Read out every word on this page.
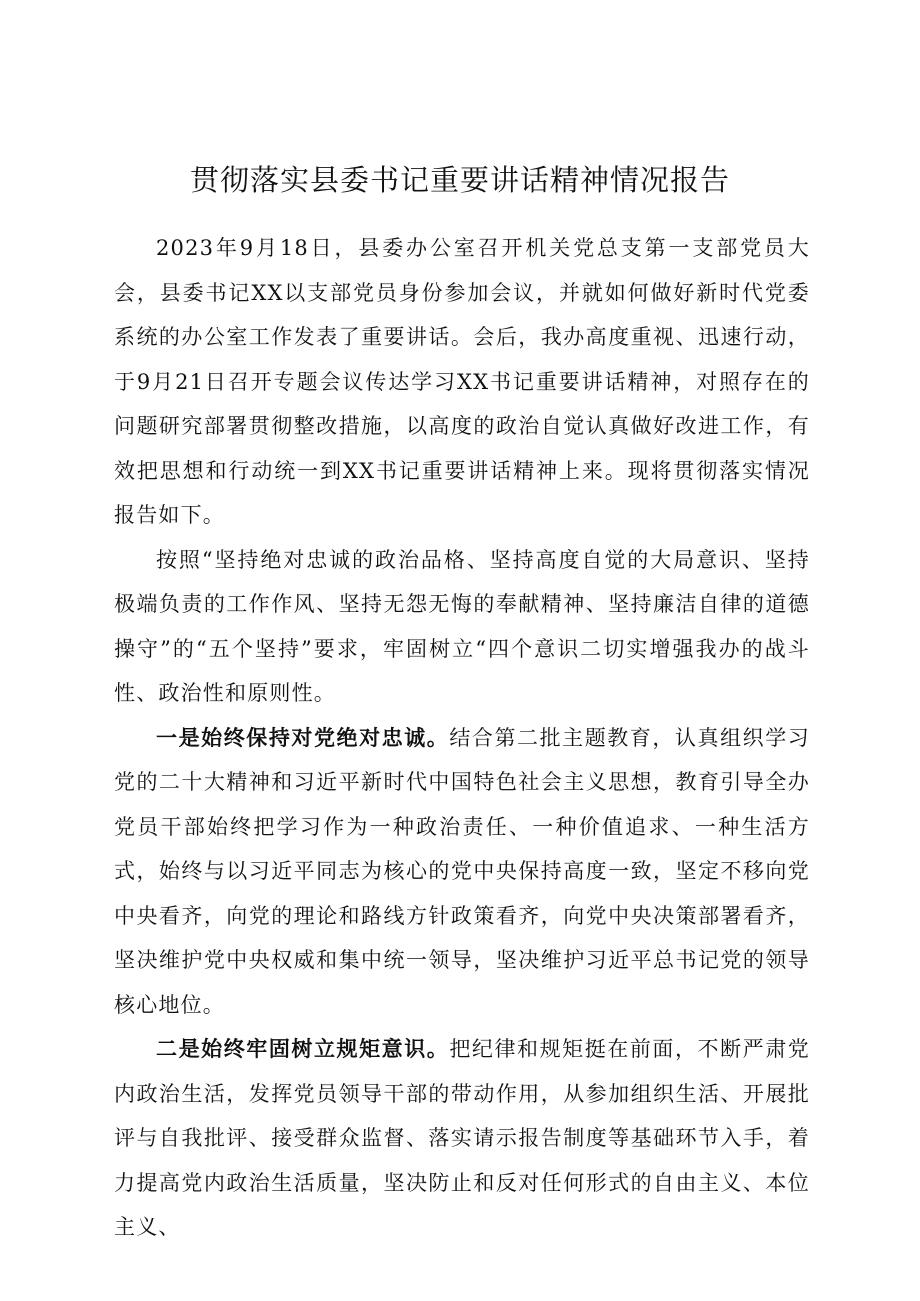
贯彻落实县委书记重要讲话精神情况报告

2023年9月18日，县委办公室召开机关党总支第一支部党员大会，县委书记XX以支部党员身份参加会议，并就如何做好新时代党委系统的办公室工作发表了重要讲话。会后，我办高度重视、迅速行动，于9月21日召开专题会议传达学习XX书记重要讲话精神，对照存在的问题研究部署贯彻整改措施，以高度的政治自觉认真做好改进工作，有效把思想和行动统一到XX书记重要讲话精神上来。现将贯彻落实情况报告如下。

按照“坚持绝对忠诚的政治品格、坚持高度自觉的大局意识、坚持极端负责的工作作风、坚持无怨无悔的奉献精神、坚持廉洁自律的道德操守”的“五个坚持”要求，牢固树立“四个意识二切实增强我办的战斗性、政治性和原则性。

一是始终保持对党绝对忠诚。结合第二批主题教育，认真组织学习党的二十大精神和习近平新时代中国特色社会主义思想，教育引导全办党员干部始终把学习作为一种政治责任、一种价值追求、一种生活方式，始终与以习近平同志为核心的党中央保持高度一致，坚定不移向党中央看齐，向党的理论和路线方针政策看齐，向党中央决策部署看齐，坚决维护党中央权威和集中统一领导，坚决维护习近平总书记党的领导核心地位。

二是始终牢固树立规矩意识。把纪律和规矩挺在前面，不断严肃党内政治生活，发挥党员领导干部的带动作用，从参加组织生活、开展批评与自我批评、接受群众监督、落实请示报告制度等基础环节入手，着力提高党内政治生活质量，坚决防止和反对任何形式的自由主义、本位主义、
